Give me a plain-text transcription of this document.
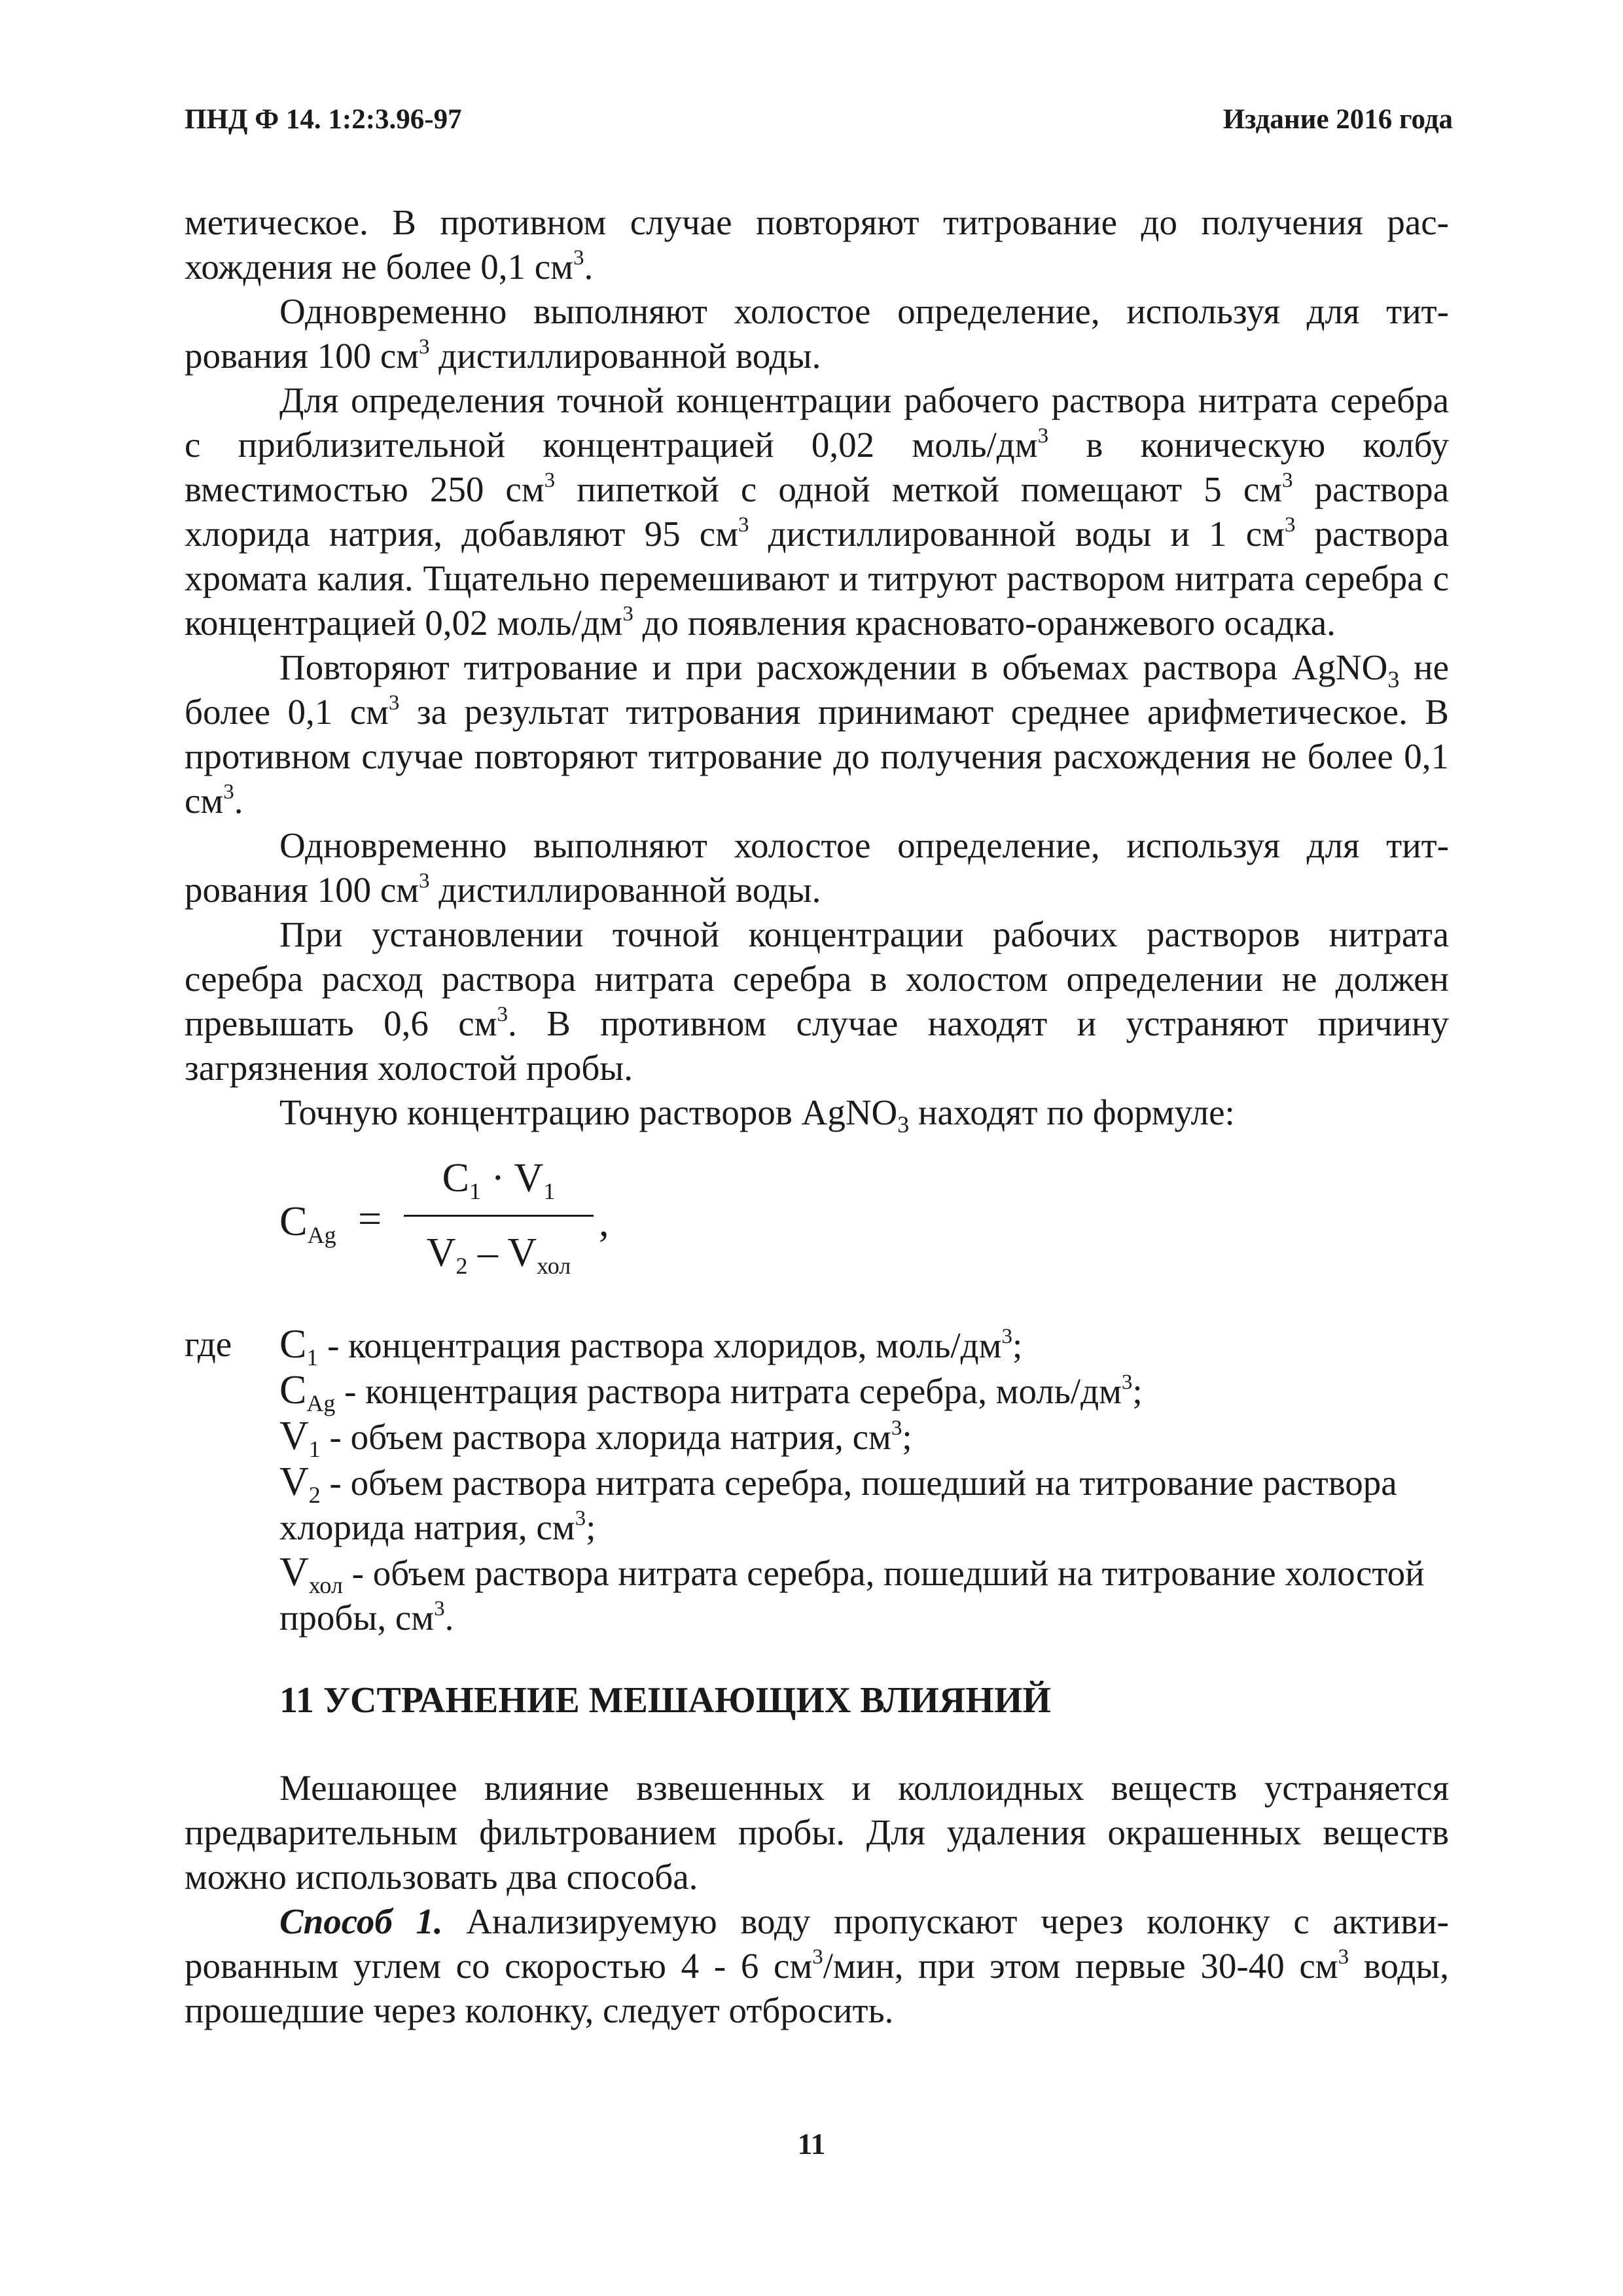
ПНД Ф 14. 1:2:3.96-97	Издание 2016 года

метическое. В противном случае повторяют титрование до получения расхождения не более 0,1 $см^3$.

Одновременно выполняют холостое определение, используя для титрования 100 $см^3$ дистиллированной воды.

Для определения точной концентрации рабочего раствора нитрата серебра с приблизительной концентрацией 0,02 моль/$дм^3$ в коническую колбу вместимостью 250 $см^3$ пипеткой с одной меткой помещают 5 $см^3$ раствора хлорида натрия, добавляют 95 $см^3$ дистиллированной воды и 1 $см^3$ раствора хромата калия. Тщательно перемешивают и титруют раствором нитрата серебра с концентрацией 0,02 моль/$дм^3$ до появления красновато-оранжевого осадка.

Повторяют титрование и при расхождении в объемах раствора AgNO$_3$ не более 0,1 $см^3$ за результат титрования принимают среднее арифметическое. В противном случае повторяют титрование до получения расхождения не более 0,1 $см^3$.

Одновременно выполняют холостое определение, используя для титрования 100 $см^3$ дистиллированной воды.

При установлении точной концентрации рабочих растворов нитрата серебра расход раствора нитрата серебра в холостом определении не должен превышать 0,6 $см^3$. В противном случае находят и устраняют причину загрязнения холостой пробы.

Точную концентрацию растворов AgNO$_3$ находят по формуле:

$C_{Ag}$ =
$C_1 \cdot V_1$
$V_2 - V_{хол}$
,
где	$C_1$ - концентрация раствора хлоридов, моль/$дм^3$;

$C_{Ag}$ - концентрация раствора нитрата серебра, моль/$дм^3$;

$V_1$ - объем раствора хлорида натрия, $см^3$;

$V_2$ - объем раствора нитрата серебра, пошедший на титрование раствора хлорида натрия, $см^3$;

$V_{хол}$ - объем раствора нитрата серебра, пошедший на титрование холостой пробы, $см^3$.

11 УСТРАНЕНИЕ МЕШАЮЩИХ ВЛИЯНИЙ

Мешающее влияние взвешенных и коллоидных веществ устраняется предварительным фильтрованием пробы. Для удаления окрашенных веществ можно использовать два способа.

Способ 1. Анализируемую воду пропускают через колонку с активированным углем со скоростью 4 - 6 $см^3$/мин, при этом первые 30-40 $см^3$ воды, прошедшие через колонку, следует отбросить.

11
